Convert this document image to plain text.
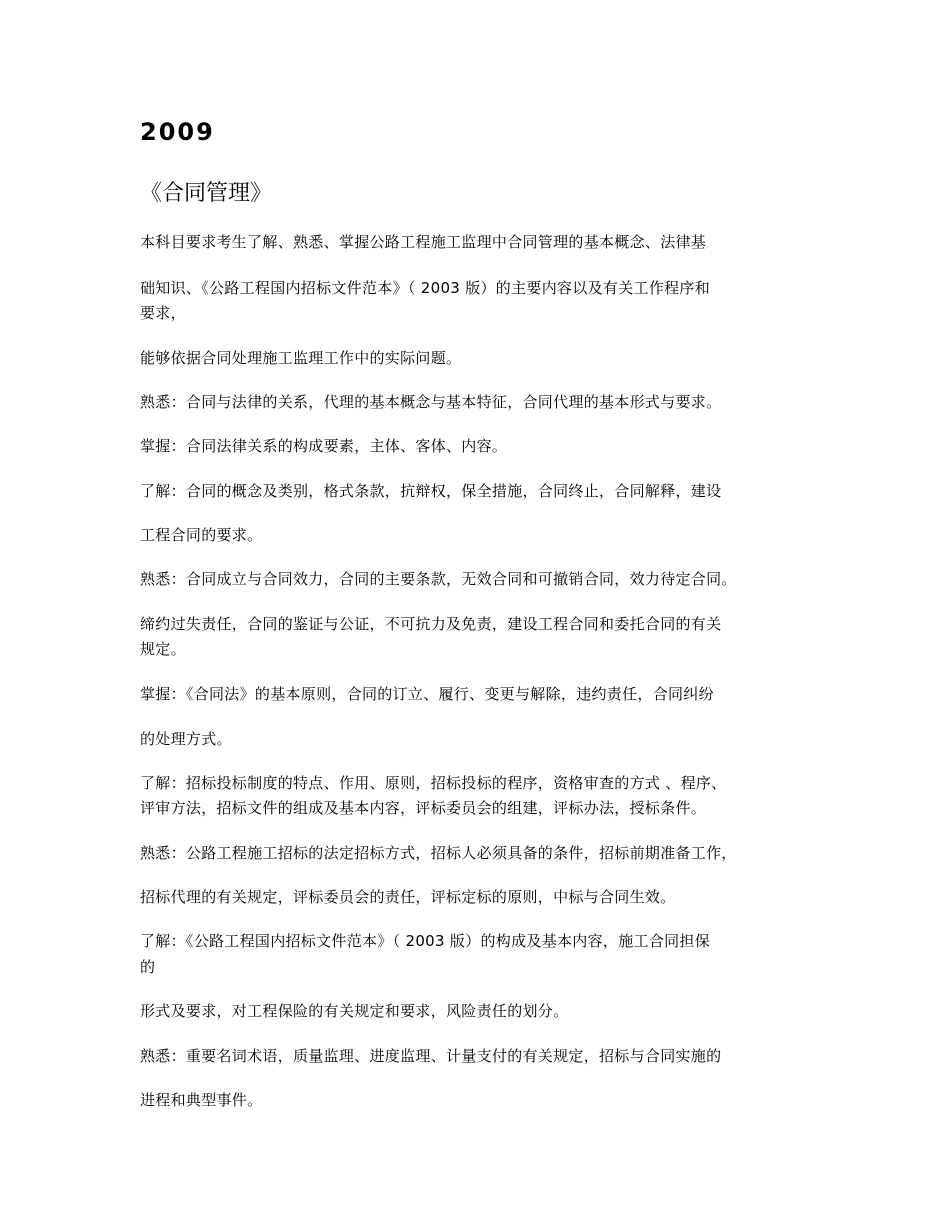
2009
《合同管理》

本科目要求考生了解、熟悉、掌握公路工程施工监理中合同管理的基本概念、法律基

础知识、《公路工程国内招标文件范本》（ 2003 版）的主要内容以及有关工作程序和

要求，

能够依据合同处理施工监理工作中的实际问题。

熟悉：合同与法律的关系，代理的基本概念与基本特征，合同代理的基本形式与要求。

掌握：合同法律关系的构成要素，主体、客体、内容。

了解：合同的概念及类别，格式条款，抗辩权，保全措施，合同终止，合同解释，建设

工程合同的要求。

熟悉：合同成立与合同效力，合同的主要条款，无效合同和可撤销合同，效力待定合同。

缔约过失责任，合同的鉴证与公证，不可抗力及免责，建设工程合同和委托合同的有关

规定。

掌握：《合同法》的基本原则，合同的订立、履行、变更与解除，违约责任，合同纠纷

的处理方式。

了解：招标投标制度的特点、作用、原则，招标投标的程序，资格审查的方式 、程序、

评审方法，招标文件的组成及基本内容，评标委员会的组建，评标办法，授标条件。

熟悉：公路工程施工招标的法定招标方式，招标人必须具备的条件，招标前期准备工作，

招标代理的有关规定，评标委员会的责任，评标定标的原则，中标与合同生效。

了解：《公路工程国内招标文件范本》（ 2003 版）的构成及基本内容，施工合同担保

的

形式及要求，对工程保险的有关规定和要求，风险责任的划分。

熟悉：重要名词术语，质量监理、进度监理、计量支付的有关规定，招标与合同实施的

进程和典型事件。
